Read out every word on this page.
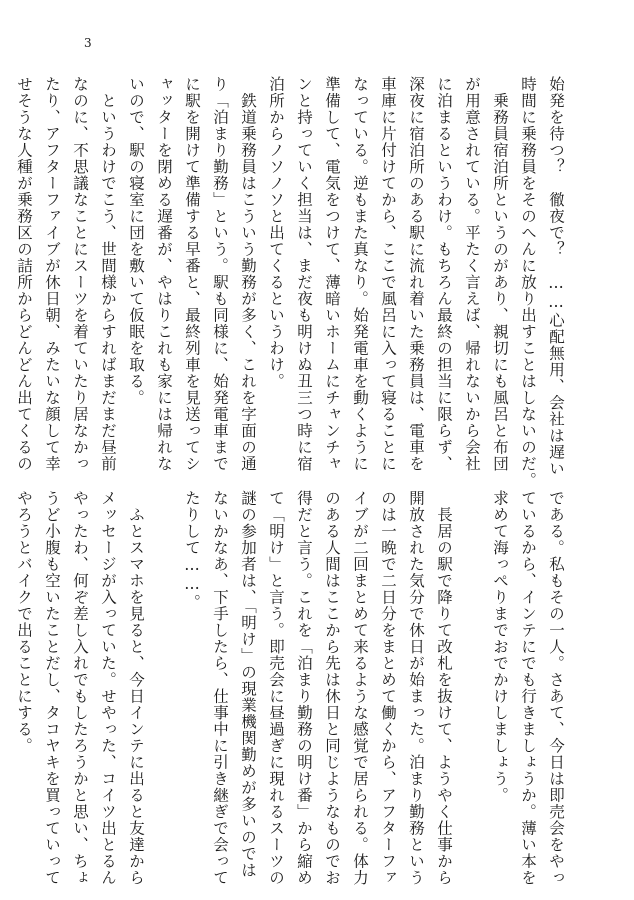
3
始発を待つ？　徹夜で？　……心配無用、会社は遅い
時間に乗務員をそのへんに放り出すことはしないのだ。
　乗務員宿泊所というのがあり、親切にも風呂と布団
が用意されている。平たく言えば、帰れないから会社
に泊まるというわけ。もちろん最終の担当に限らず、
深夜に宿泊所のある駅に流れ着いた乗務員は、電車を
車庫に片付けてから、ここで風呂に入って寝ることに
なっている。逆もまた真なり。始発電車を動くように
準備して、電気をつけて、薄暗いホームにチャンチャ
ンと持っていく担当は、まだ夜も明けぬ丑三つ時に宿
泊所からノソノソと出てくるというわけ。
　鉄道乗務員はこういう勤務が多く、これを字面の通
り「泊まり勤務」という。駅も同様に、始発電車まで
に駅を開けて準備する早番と、最終列車を見送ってシ
ャッターを閉める遅番が、やはりこれも家には帰れな
いので、駅の寝室に団を敷いて仮眠を取る。
　というわけでこう、世間様からすればまだまだ昼前
なのに、不思議なことにスーツを着ていたり居なかっ
たり、アフターファイブが休日朝、みたいな顔して幸
せそうな人種が乗務区の詰所からどんどん出てくるの
である。私もその一人。さあて、今日は即売会をやっ
ているから、インテにでも行きましょうか。薄い本を
求めて海っぺりまでおでかけしましょう。
　長居の駅で降りて改札を抜けて、ようやく仕事から
開放された気分で休日が始まった。泊まり勤務という
のは一晩で二日分をまとめて働くから、アフターファ
イブが二回まとめて来るような感覚で居られる。体力
のある人間はここから先は休日と同じようなものでお
得だと言う。これを「泊まり勤務の明け番」から縮め
て「明け」と言う。即売会に昼過ぎに現れるスーツの
謎の参加者は、「明け」の現業機関勤めが多いのでは
ないかなあ、下手したら、仕事中に引き継ぎで会って
たりして……。
　ふとスマホを見ると、今日インテに出ると友達から
メッセージが入っていた。せやった、コイツ出とるん
やったわ、何ぞ差し入れでもしたろうかと思い、ちょ
うど小腹も空いたことだし、タコヤキを買っていって
やろうとバイクで出ることにする。
